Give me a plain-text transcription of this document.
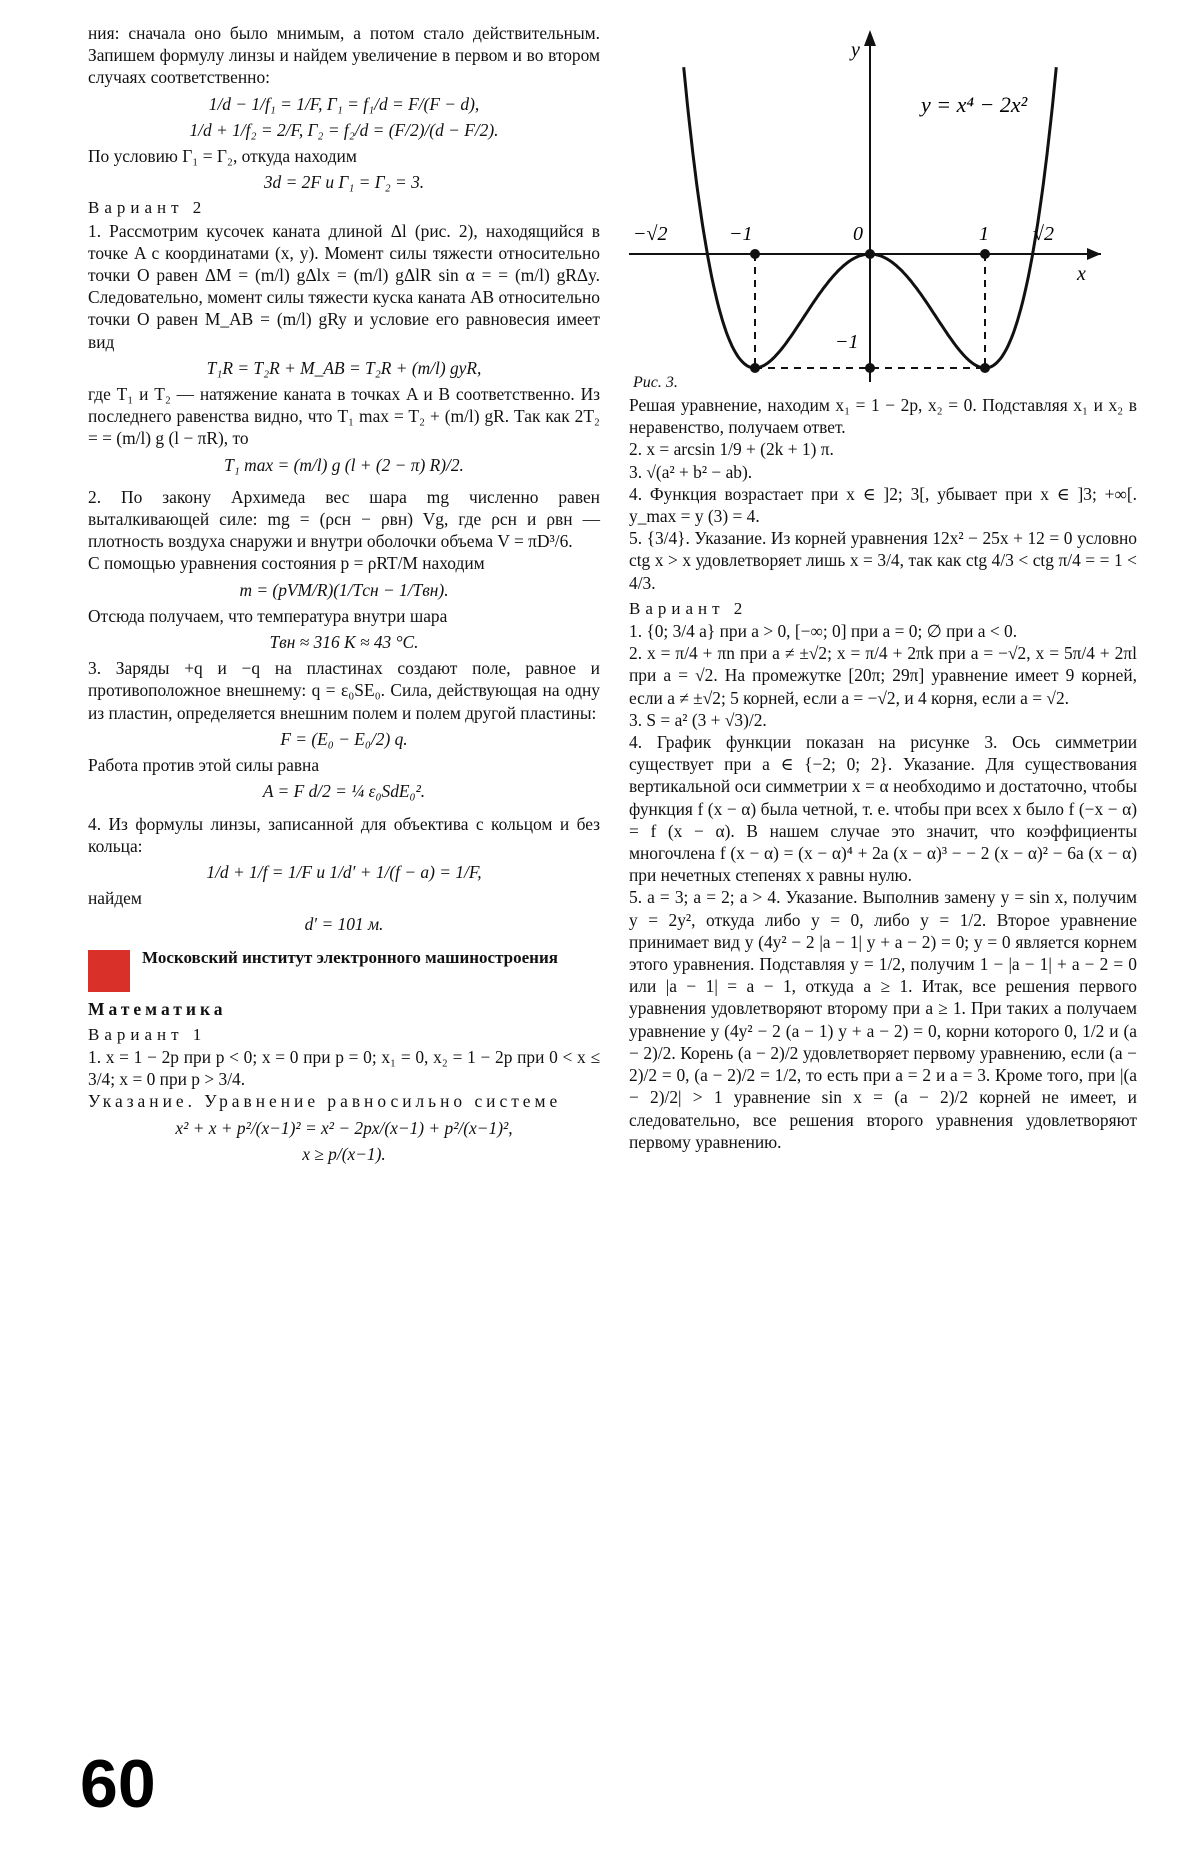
ния: сначала оно было мнимым, а потом стало действительным. Запишем формулу линзы и найдем увеличение в первом и во втором случаях соответственно:

1/d − 1/f₁ = 1/F, Γ₁ = f₁/d = F/(F − d),

1/d + 1/f₂ = 2/F, Γ₂ = f₂/d = (F/2)/(d − F/2).

По условию Γ₁ = Γ₂, откуда находим

3d = 2F и Γ₁ = Γ₂ = 3.

Вариант 2

1. Рассмотрим кусочек каната длиной Δl (рис. 2), находящийся в точке A с координатами (x, y). Момент силы тяжести относительно точки O равен ΔM = (m/l) gΔlx = (m/l) gΔlR sin α = = (m/l) gRΔy. Следовательно, момент силы тяжести куска каната AB относительно точки O равен M_AB = (m/l) gRy и условие его равновесия имеет вид

T₁R = T₂R + M_AB = T₂R + (m/l) gyR,

где T₁ и T₂ — натяжение каната в точках A и B соответственно. Из последнего равенства видно, что T₁ max = T₂ + (m/l) gR. Так как 2T₂ = = (m/l) g (l − πR), то

T₁ max = (m/l) g (l + (2 − π) R)/2.

2. По закону Архимеда вес шара mg численно равен выталкивающей силе: mg = (ρсн − ρвн) Vg, где ρсн и ρвн — плотность воздуха снаружи и внутри оболочки объема V = πD³/6.

С помощью уравнения состояния p = ρRT/M находим

m = (pVM/R)(1/Tсн − 1/Tвн).

Отсюда получаем, что температура внутри шара

Tвн ≈ 316 K ≈ 43 °С.

3. Заряды +q и −q на пластинах создают поле, равное и противоположное внешнему: q = ε₀SE₀. Сила, действующая на одну из пластин, определяется внешним полем и полем другой пластины:

F = (E₀ − E₀/2) q.

Работа против этой силы равна

A = F d/2 = ¼ ε₀SdE₀².

4. Из формулы линзы, записанной для объектива с кольцом и без кольца:

1/d + 1/f = 1/F и 1/d′ + 1/(f − a) = 1/F,

найдем

d′ = 101 м.

Московский институт электронного машиностроения

Математика

Вариант 1

1. x = 1 − 2p при p < 0; x = 0 при p = 0; x₁ = 0, x₂ = 1 − 2p при 0 < x ≤ 3/4; x = 0 при p > 3/4.

Указание. Уравнение равносильно системе

x² + x + p²/(x−1)² = x² − 2px/(x−1) + p²/(x−1)²,

x ≥ p/(x−1).

y
x
y = x⁴ − 2x²
−√2	−1	0	1 √2
−1
Рис. 3.

Решая уравнение, находим x₁ = 1 − 2p, x₂ = 0. Подставляя x₁ и x₂ в неравенство, получаем ответ.

2. x = arcsin 1/9 + (2k + 1) π.

3. √(a² + b² − ab).

4. Функция возрастает при x ∈ ]2; 3[, убывает при x ∈ ]3; +∞[. y_max = y (3) = 4.

5. {3/4}. Указание. Из корней уравнения 12x² − 25x + 12 = 0 условно ctg x > x удовлетворяет лишь x = 3/4, так как ctg 4/3 < ctg π/4 = = 1 < 4/3.

Вариант 2

1. {0; 3/4 a} при a > 0, [−∞; 0] при a = 0; ∅ при a < 0.

2. x = π/4 + πn при a ≠ ±√2; x = π/4 + 2πk при a = −√2, x = 5π/4 + 2πl при a = √2. На промежутке [20π; 29π] уравнение имеет 9 корней, если a ≠ ±√2; 5 корней, если a = −√2, и 4 корня, если a = √2.

3. S = a² (3 + √3)/2.

4. График функции показан на рисунке 3. Ось симметрии существует при a ∈ {−2; 0; 2}. Указание. Для существования вертикальной оси симметрии x = α необходимо и достаточно, чтобы функция f (x − α) была четной, т. е. чтобы при всех x было f (−x − α) = f (x − α). В нашем случае это значит, что коэффициенты многочлена f (x − α) = (x − α)⁴ + 2a (x − α)³ − − 2 (x − α)² − 6a (x − α) при нечетных степенях x равны нулю.

5. a = 3; a = 2; a > 4. Указание. Выполнив замену y = sin x, получим y = 2y², откуда либо y = 0, либо y = 1/2. Второе уравнение принимает вид y (4y² − 2 |a − 1| y + a − 2) = 0; y = 0 является корнем этого уравнения. Подставляя y = 1/2, получим 1 − |a − 1| + a − 2 = 0 или |a − 1| = a − 1, откуда a ≥ 1. Итак, все решения первого уравнения удовлетворяют второму при a ≥ 1. При таких a получаем уравнение y (4y² − 2 (a − 1) y + a − 2) = 0, корни которого 0, 1/2 и (a − 2)/2. Корень (a − 2)/2 удовлетворяет первому уравнению, если (a − 2)/2 = 0, (a − 2)/2 = 1/2, то есть при a = 2 и a = 3. Кроме того, при |(a − 2)/2| > 1 уравнение sin x = (a − 2)/2 корней не имеет, и следовательно, все решения второго уравнения удовлетворяют первому уравнению.

60
